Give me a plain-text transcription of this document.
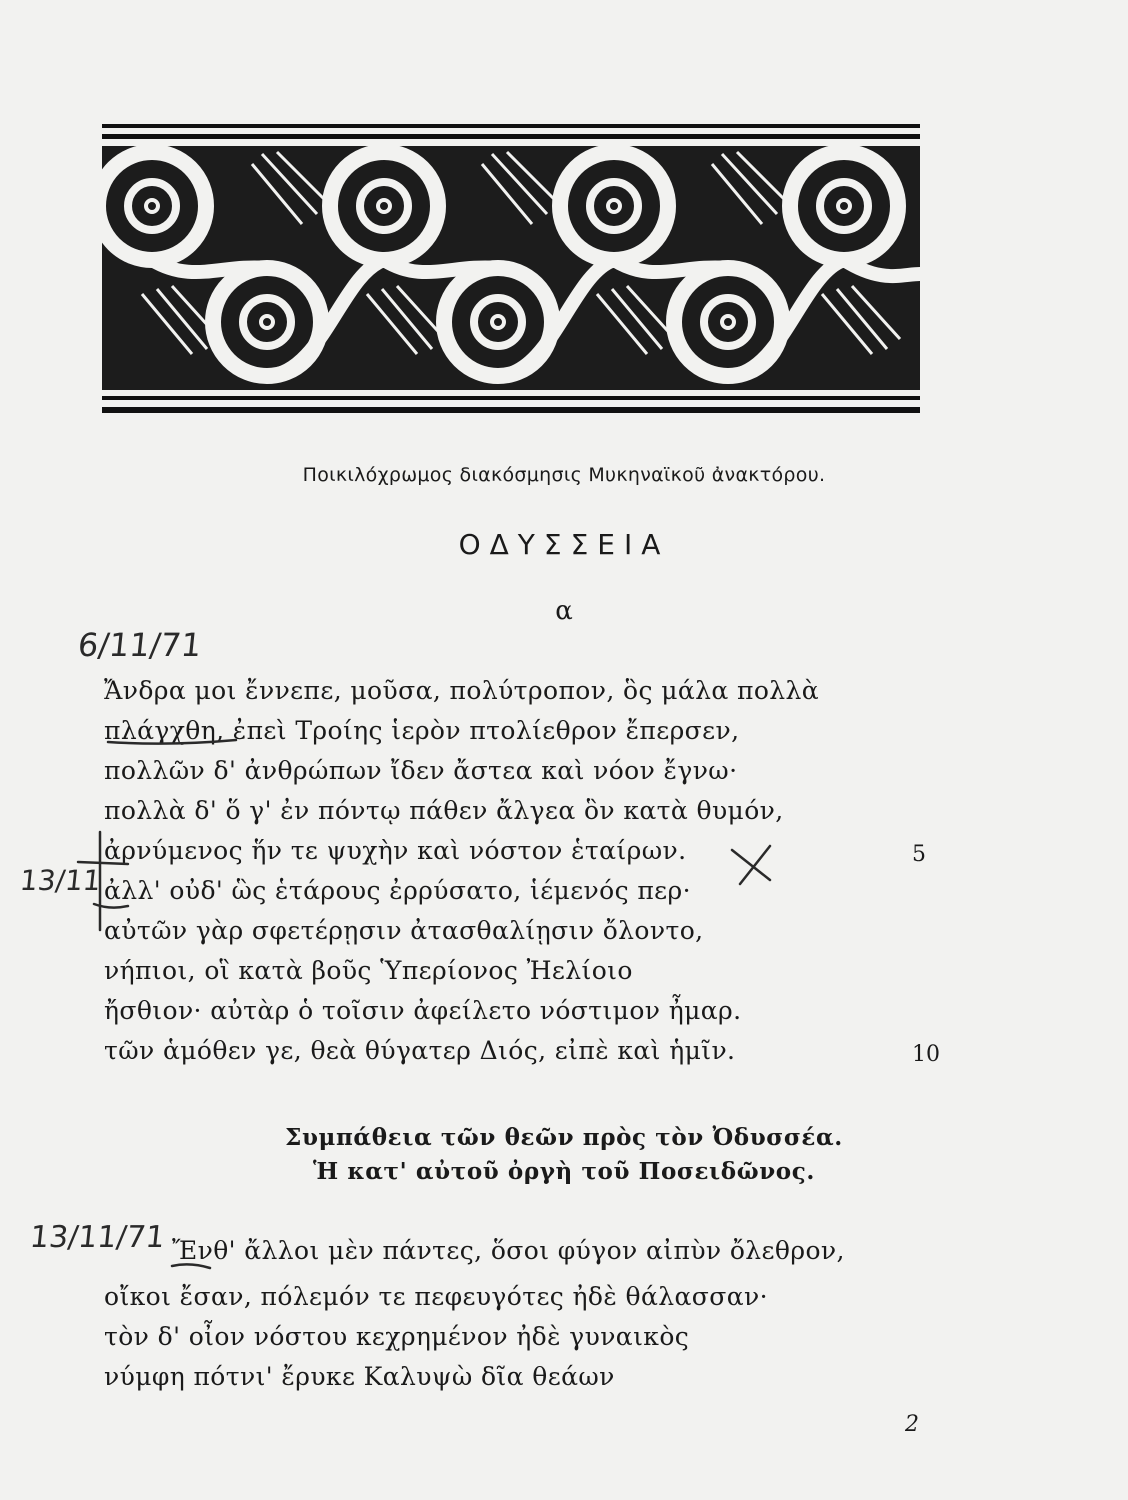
Ποικιλόχρωμος διακόσμησις Μυκηναϊκοῦ ἀνακτόρου.
ΟΔΥΣΣΕΙΑ
α
Ἄνδρα μοι ἔννεπε, μοῦσα, πολύτροπον, ὃς μάλα πολλὰ
πλάγχθη, ἐπεὶ Τροίης ἱερὸν πτολίεθρον ἔπερσεν,
πολλῶν δ' ἀνθρώπων ἴδεν ἄστεα καὶ νόον ἔγνω·
πολλὰ δ' ὅ γ' ἐν πόντῳ πάθεν ἄλγεα ὃν κατὰ θυμόν,
ἀρνύμενος ἥν τε ψυχὴν καὶ νόστον ἑταίρων.
ἀλλ' οὐδ' ὣς ἑτάρους ἐρρύσατο, ἱέμενός περ·
αὐτῶν γὰρ σφετέρῃσιν ἀτασθαλίῃσιν ὄλοντο,
νήπιοι, οἳ κατὰ βοῦς Ὑπερίονος Ἠελίοιο
ἤσθιον· αὐτὰρ ὁ τοῖσιν ἀφείλετο νόστιμον ἦμαρ.
τῶν ἁμόθεν γε, θεὰ θύγατερ Διός, εἰπὲ καὶ ἡμῖν.
5
10
Συμπάθεια τῶν θεῶν πρὸς τὸν Ὀδυσσέα.
Ἡ κατ' αὐτοῦ ὀργὴ τοῦ Ποσειδῶνος.
Ἔνθ' ἄλλοι μὲν πάντες, ὅσοι φύγον αἰπὺν ὄλεθρον,
οἴκοι ἔσαν, πόλεμόν τε πεφευγότες ἠδὲ θάλασσαν·
τὸν δ' οἶον νόστου κεχρημένον ἠδὲ γυναικὸς
νύμφη πότνι' ἔρυκε Καλυψὼ δῖα θεάων
2
6/11/71
13/11
13/11/71
